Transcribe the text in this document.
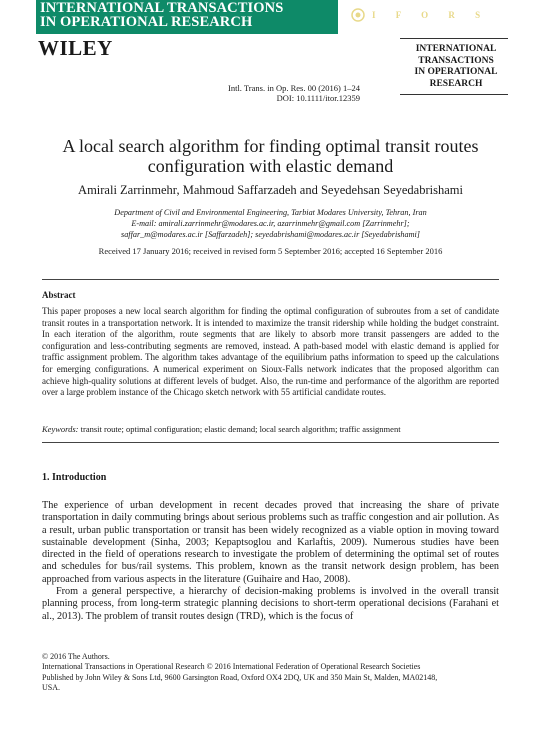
INTERNATIONAL TRANSACTIONS
IN OPERATIONAL RESEARCH	I F O R S
WILEY	INTERNATIONAL
TRANSACTIONS
IN OPERATIONAL
RESEARCH
Intl. Trans. in Op. Res. 00 (2016) 1–24
DOI: 10.1111/itor.12359
A local search algorithm for finding optimal transit routes
configuration with elastic demand
Amirali Zarrinmehr, Mahmoud Saffarzadeh and Seyedehsan Seyedabrishami
Department of Civil and Environmental Engineering, Tarbiat Modares University, Tehran, Iran
E-mail: amirali.zarrinmehr@modares.ac.ir, azarrinmehr@gmail.com [Zarrinmehr];
saffar_m@modares.ac.ir [Saffarzadeh]; seyedabrishami@modares.ac.ir [Seyedabrishami]
Received 17 January 2016; received in revised form 5 September 2016; accepted 16 September 2016
Abstract
This paper proposes a new local search algorithm for finding the optimal configuration of subroutes from a set of candidate transit routes in a transportation network. It is intended to maximize the transit ridership while holding the budget constraint. In each iteration of the algorithm, route segments that are likely to absorb more transit passengers are added to the configuration and less-contributing segments are removed, instead. A path-based model with elastic demand is applied for traffic assignment problem. The algorithm takes advantage of the equilibrium paths information to speed up the calculations for emerging configurations. A numerical experiment on Sioux-Falls network indicates that the proposed algorithm can achieve high-quality solutions at different levels of budget. Also, the run-time and performance of the algorithm are reported over a large problem instance of the Chicago sketch network with 55 artificial candidate routes.
Keywords: transit route; optimal configuration; elastic demand; local search algorithm; traffic assignment
1. Introduction

The experience of urban development in recent decades proved that increasing the share of private transportation in daily commuting brings about serious problems such as traffic congestion and air pollution. As a result, urban public transportation or transit has been widely recognized as a viable option in moving toward sustainable development (Sinha, 2003; Kepaptsoglou and Karlaftis, 2009). Numerous studies have been directed in the field of operations research to investigate the problem of determining the optimal set of routes and schedules for bus/rail systems. This problem, known as the transit network design problem, has been approached from various aspects in the literature (Guihaire and Hao, 2008).

From a general perspective, a hierarchy of decision-making problems is involved in the overall transit planning process, from long-term strategic planning decisions to short-term operational decisions (Farahani et al., 2013). The problem of transit routes design (TRD), which is the focus of

© 2016 The Authors.
International Transactions in Operational Research © 2016 International Federation of Operational Research Societies
Published by John Wiley & Sons Ltd, 9600 Garsington Road, Oxford OX4 2DQ, UK and 350 Main St, Malden, MA02148,
USA.
